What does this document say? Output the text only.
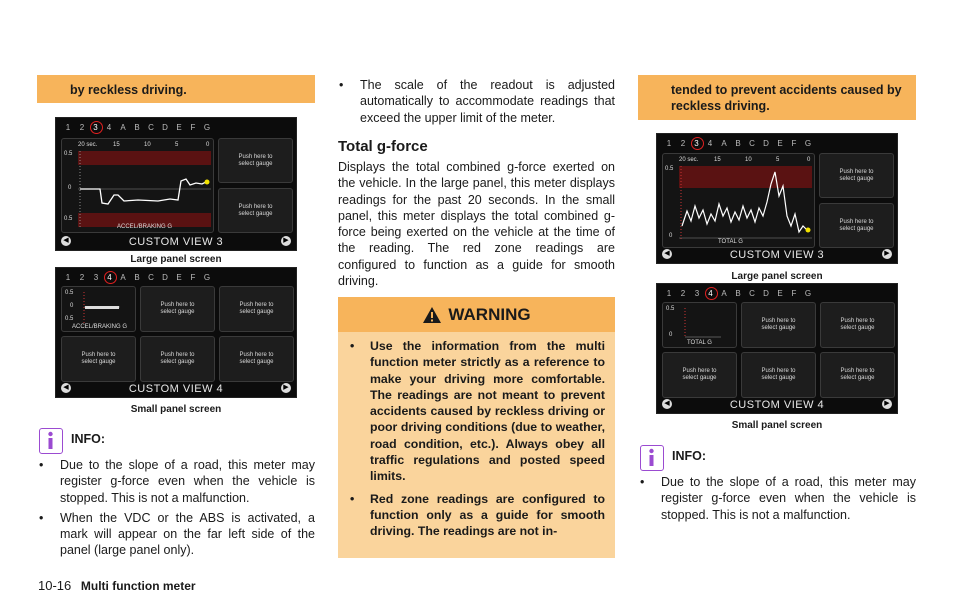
by reckless driving.
1 2 3 4 A B C D E F G
20 sec.	15	10	5	0
0.5
0
0.5
ACCEL/BRAKING G
Push here to
select gauge
Push here to
select gauge
◀	▶
CUSTOM VIEW 3
Large panel screen
1 2 3 4 A B C D E F G
0.5
0
0.5
ACCEL/BRAKING G
Push here to
select gauge
Push here to
select gauge
Push here to
select gauge
Push here to
select gauge
Push here to
select gauge
◀	▶
CUSTOM VIEW 4
Small panel screen
INFO:
• Due to the slope of a road, this meter may register g-force even when the vehicle is stopped. This is not a malfunction.
• When the VDC or the ABS is activated, a mark will appear on the far left side of the panel (large panel only).
• The scale of the readout is adjusted automatically to accommodate readings that exceed the upper limit of the meter.
Total g-force
Displays the total combined g-force exerted on the vehicle. In the large panel, this meter displays readings for the past 20 seconds. In the small panel, this meter displays the total combined g-force being exerted on the vehicle at the time of the reading. The red zone readings are configured to function as a guide for smooth driving.
WARNING
• Use the information from the multi function meter strictly as a reference to make your driving more comfortable. The readings are not meant to prevent accidents caused by reckless driving or poor driving conditions (due to weather, road condition, etc.). Always obey all traffic regulations and posted speed limits.
• Red zone readings are configured to function only as a guide for smooth driving. The readings are not in-
tended to prevent accidents caused by reckless driving.
1 2 3 4 A B C D E F G
20 sec.	15	10	5	0
0.5
0
TOTAL G
Push here to
select gauge
Push here to
select gauge
◀	▶
CUSTOM VIEW 3
Large panel screen
1 2 3 4 A B C D E F G
0.5
0
TOTAL G
Push here to
select gauge
Push here to
select gauge
Push here to
select gauge
Push here to
select gauge
Push here to
select gauge
◀	▶
CUSTOM VIEW 4
Small panel screen
INFO:
• Due to the slope of a road, this meter may register g-force even when the vehicle is stopped. This is not a malfunction.
10-16 Multi function meter
